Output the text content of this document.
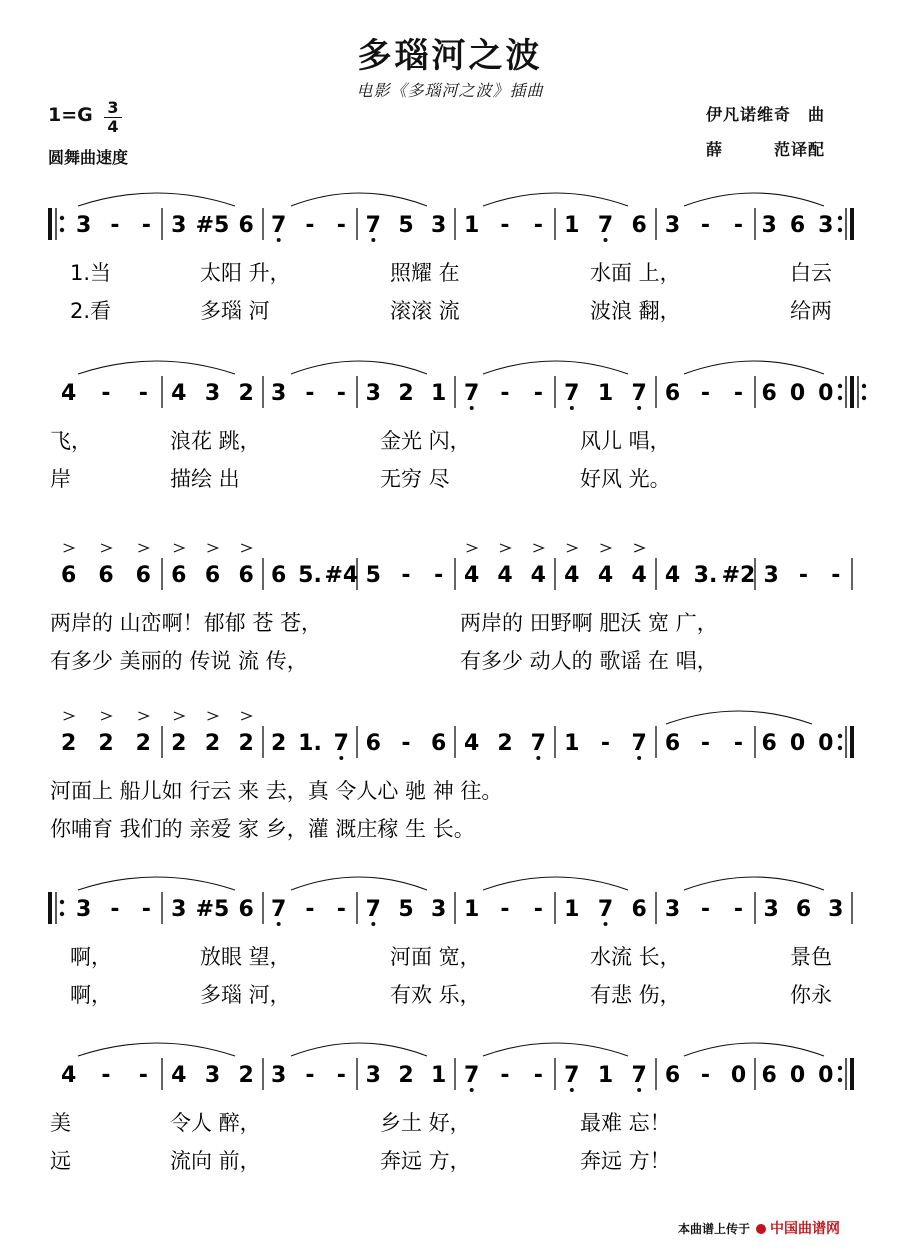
多瑙河之波
电影《多瑙河之波》插曲
1=G 3
4
圆舞曲速度
伊凡诺维奇　曲
薛　　　范译配
3 - - 3 #5 6 7 - - 7 5 3 1 - - 1 7 6 3 - - 3 6 3
1.当	太阳 升，	照耀 在	水面 上，	白云
2.看	多瑙 河	滚滚 流	波浪 翻，	给两
4 - - 4 3 2 3 - - 3 2 1 7 - - 7 1 7 6 - - 6 0 0
飞，	浪花 跳，	金光 闪，	风儿 唱，
岸	描绘 出	无穷 尽	好风 光。
6 6 6 6 6 6 6 5. #4 5 - - 4 4 4 4 4 4 4 3. #2 3 - -
两岸的 山峦啊！郁郁 苍 苍，	两岸的 田野啊 肥沃 宽 广，
有多少 美丽的 传说 流 传，	有多少 动人的 歌谣 在 唱，
2 2 2 2 2 2 2 1. 7 6 - 6 4 2 7 1 - 7 6 - - 6 0 0
河面上 船儿如 行云 来 去，真 令人心 驰 神 往。
你哺育 我们的 亲爱 家 乡，灌 溉庄稼 生 长。
3 - - 3 #5 6 7 - - 7 5 3 1 - - 1 7 6 3 - - 3 6 3
啊，	放眼 望，	河面 宽，	水流 长，	景色
啊，	多瑙 河，	有欢 乐，	有悲 伤，	你永
4 - - 4 3 2 3 - - 3 2 1 7 - - 7 1 7 6 - 0 6 0 0
美	令人 醉，	乡土 好，	最难 忘！
远	流向 前，	奔远 方，	奔远 方！
本曲谱上传于 中国曲谱网
